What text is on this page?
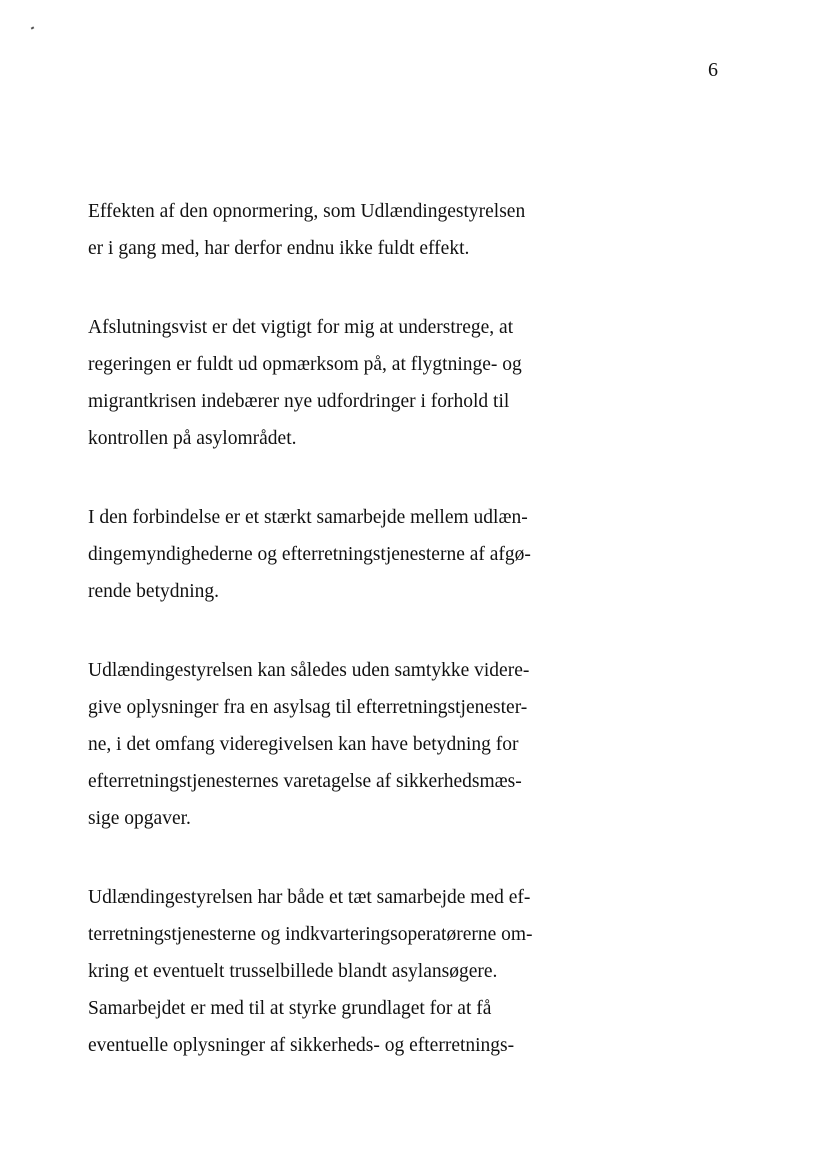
6
Effekten af den opnormering, som Udlændingestyrelsen
er i gang med, har derfor endnu ikke fuldt effekt.
Afslutningsvist er det vigtigt for mig at understrege, at
regeringen er fuldt ud opmærksom på, at flygtninge- og
migrantkrisen indebærer nye udfordringer i forhold til
kontrollen på asylområdet.
I den forbindelse er et stærkt samarbejde mellem udlæn-
dingemyndighederne og efterretningstjenesterne af afgø-
rende betydning.
Udlændingestyrelsen kan således uden samtykke videre-
give oplysninger fra en asylsag til efterretningstjenester-
ne, i det omfang videregivelsen kan have betydning for
efterretningstjenesternes varetagelse af sikkerhedsmæs-
sige opgaver.
Udlændingestyrelsen har både et tæt samarbejde med ef-
terretningstjenesterne og indkvarteringsoperatørerne om-
kring et eventuelt trusselbillede blandt asylansøgere.
Samarbejdet er med til at styrke grundlaget for at få
eventuelle oplysninger af sikkerheds- og efterretnings-
